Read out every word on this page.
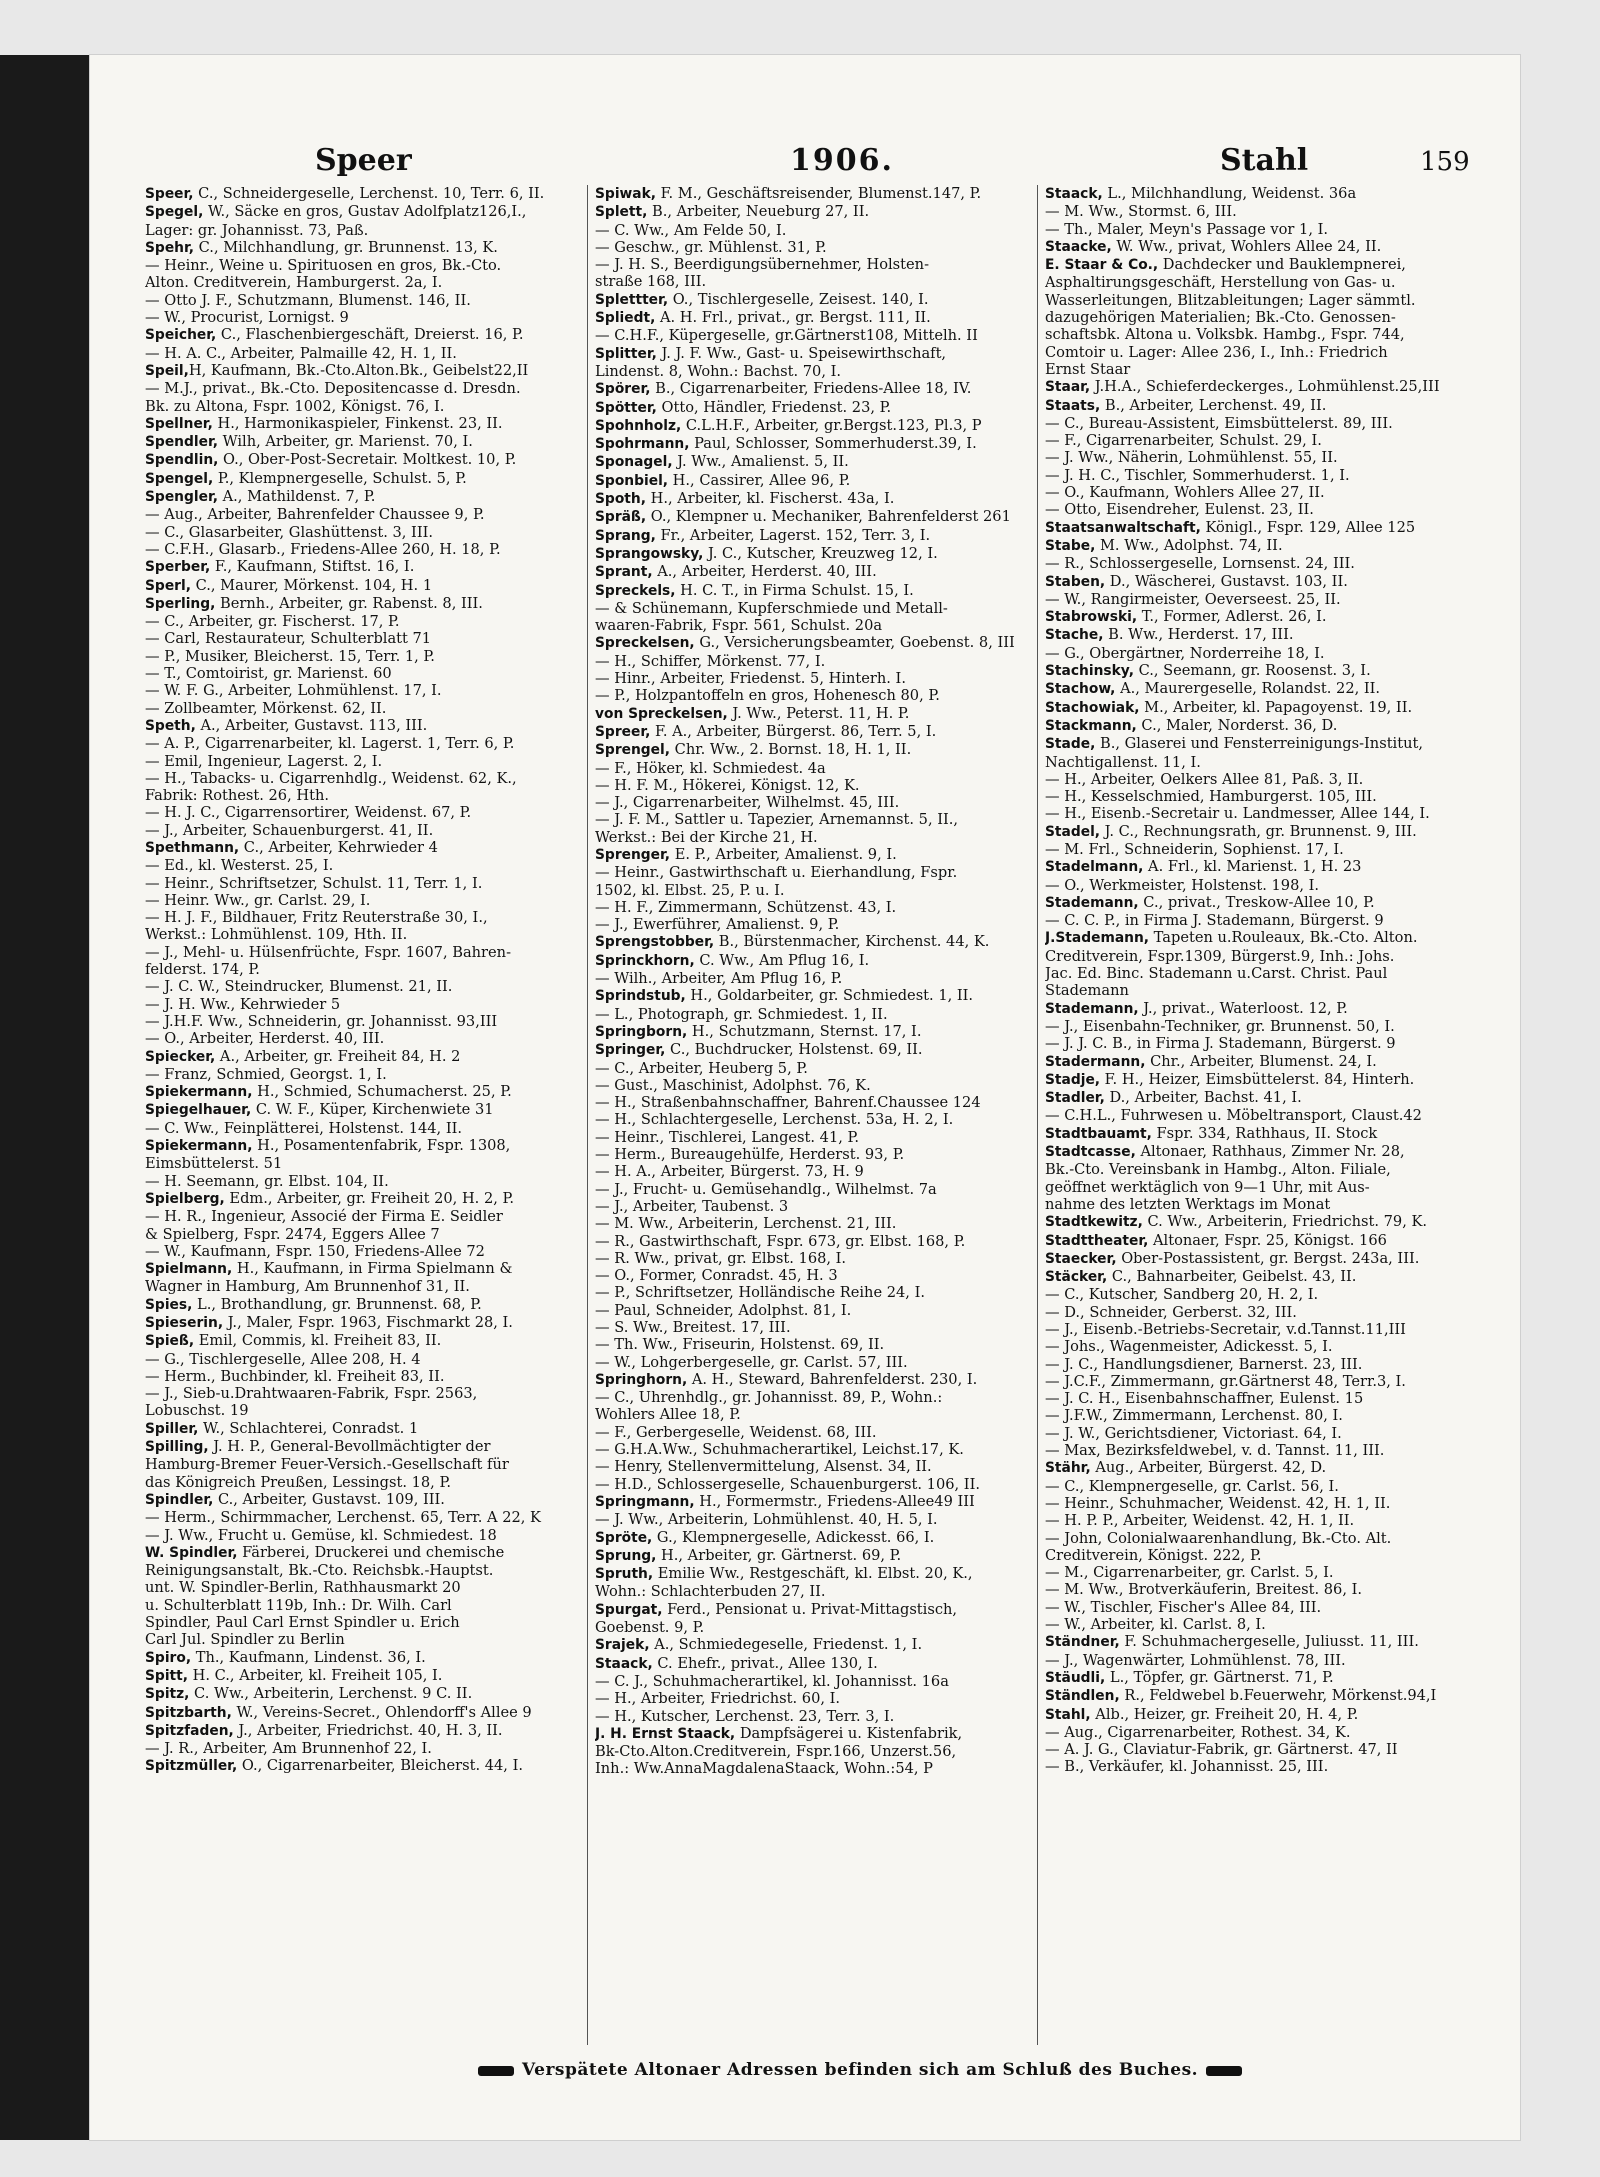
Speer	1906.	Stahl	159
Speer, C., Schneidergeselle, Lerchenst. 10, Terr. 6, II.
Spegel, W., Säcke en gros, Gustav Adolfplatz126,I.,
Lager: gr. Johannisst. 73, Paß.
Spehr, C., Milchhandlung, gr. Brunnenst. 13, K.
— Heinr., Weine u. Spirituosen en gros, Bk.-Cto.
Alton. Creditverein, Hamburgerst. 2a, I.
— Otto J. F., Schutzmann, Blumenst. 146, II.
— W., Procurist, Lornigst. 9
Speicher, C., Flaschenbiergeschäft, Dreierst. 16, P.
— H. A. C., Arbeiter, Palmaille 42, H. 1, II.
Speil,H, Kaufmann, Bk.-Cto.Alton.Bk., Geibelst22,II
— M.J., privat., Bk.-Cto. Depositencasse d. Dresdn.
Bk. zu Altona, Fspr. 1002, Königst. 76, I.
Spellner, H., Harmonikaspieler, Finkenst. 23, II.
Spendler, Wilh, Arbeiter, gr. Marienst. 70, I.
Spendlin, O., Ober-Post-Secretair. Moltkest. 10, P.
Spengel, P., Klempnergeselle, Schulst. 5, P.
Spengler, A., Mathildenst. 7, P.
— Aug., Arbeiter, Bahrenfelder Chaussee 9, P.
— C., Glasarbeiter, Glashüttenst. 3, III.
— C.F.H., Glasarb., Friedens-Allee 260, H. 18, P.
Sperber, F., Kaufmann, Stiftst. 16, I.
Sperl, C., Maurer, Mörkenst. 104, H. 1
Sperling, Bernh., Arbeiter, gr. Rabenst. 8, III.
— C., Arbeiter, gr. Fischerst. 17, P.
— Carl, Restaurateur, Schulterblatt 71
— P., Musiker, Bleicherst. 15, Terr. 1, P.
— T., Comtoirist, gr. Marienst. 60
— W. F. G., Arbeiter, Lohmühlenst. 17, I.
— Zollbeamter, Mörkenst. 62, II.
Speth, A., Arbeiter, Gustavst. 113, III.
— A. P., Cigarrenarbeiter, kl. Lagerst. 1, Terr. 6, P.
— Emil, Ingenieur, Lagerst. 2, I.
— H., Tabacks- u. Cigarrenhdlg., Weidenst. 62, K.,
Fabrik: Rothest. 26, Hth.
— H. J. C., Cigarrensortirer, Weidenst. 67, P.
— J., Arbeiter, Schauenburgerst. 41, II.
Spethmann, C., Arbeiter, Kehrwieder 4
— Ed., kl. Westerst. 25, I.
— Heinr., Schriftsetzer, Schulst. 11, Terr. 1, I.
— Heinr. Ww., gr. Carlst. 29, I.
— H. J. F., Bildhauer, Fritz Reuterstraße 30, I.,
Werkst.: Lohmühlenst. 109, Hth. II.
— J., Mehl- u. Hülsenfrüchte, Fspr. 1607, Bahren-
felderst. 174, P.
— J. C. W., Steindrucker, Blumenst. 21, II.
— J. H. Ww., Kehrwieder 5
— J.H.F. Ww., Schneiderin, gr. Johannisst. 93,III
— O., Arbeiter, Herderst. 40, III.
Spiecker, A., Arbeiter, gr. Freiheit 84, H. 2
— Franz, Schmied, Georgst. 1, I.
Spiekermann, H., Schmied, Schumacherst. 25, P.
Spiegelhauer, C. W. F., Küper, Kirchenwiete 31
— C. Ww., Feinplätterei, Holstenst. 144, II.
Spiekermann, H., Posamentenfabrik, Fspr. 1308,
Eimsbüttelerst. 51
— H. Seemann, gr. Elbst. 104, II.
Spielberg, Edm., Arbeiter, gr. Freiheit 20, H. 2, P.
— H. R., Ingenieur, Associé der Firma E. Seidler
& Spielberg, Fspr. 2474, Eggers Allee 7
— W., Kaufmann, Fspr. 150, Friedens-Allee 72
Spielmann, H., Kaufmann, in Firma Spielmann &
Wagner in Hamburg, Am Brunnenhof 31, II.
Spies, L., Brothandlung, gr. Brunnenst. 68, P.
Spieserin, J., Maler, Fspr. 1963, Fischmarkt 28, I.
Spieß, Emil, Commis, kl. Freiheit 83, II.
— G., Tischlergeselle, Allee 208, H. 4
— Herm., Buchbinder, kl. Freiheit 83, II.
— J., Sieb-u.Drahtwaaren-Fabrik, Fspr. 2563,
Lobuschst. 19
Spiller, W., Schlachterei, Conradst. 1
Spilling, J. H. P., General-Bevollmächtigter der
Hamburg-Bremer Feuer-Versich.-Gesellschaft für
das Königreich Preußen, Lessingst. 18, P.
Spindler, C., Arbeiter, Gustavst. 109, III.
— Herm., Schirmmacher, Lerchenst. 65, Terr. A 22, K
— J. Ww., Frucht u. Gemüse, kl. Schmiedest. 18
W. Spindler, Färberei, Druckerei und chemische
Reinigungsanstalt, Bk.-Cto. Reichsbk.-Hauptst.
unt. W. Spindler-Berlin, Rathhausmarkt 20
u. Schulterblatt 119b, Inh.: Dr. Wilh. Carl
Spindler, Paul Carl Ernst Spindler u. Erich
Carl Jul. Spindler zu Berlin
Spiro, Th., Kaufmann, Lindenst. 36, I.
Spitt, H. C., Arbeiter, kl. Freiheit 105, I.
Spitz, C. Ww., Arbeiterin, Lerchenst. 9 C. II.
Spitzbarth, W., Vereins-Secret., Ohlendorff's Allee 9
Spitzfaden, J., Arbeiter, Friedrichst. 40, H. 3, II.
— J. R., Arbeiter, Am Brunnenhof 22, I.
Spitzmüller, O., Cigarrenarbeiter, Bleicherst. 44, I.
Spiwak, F. M., Geschäftsreisender, Blumenst.147, P.
Splett, B., Arbeiter, Neueburg 27, II.
— C. Ww., Am Felde 50, I.
— Geschw., gr. Mühlenst. 31, P.
— J. H. S., Beerdigungsübernehmer, Holsten-
straße 168, III.
Splettter, O., Tischlergeselle, Zeisest. 140, I.
Spliedt, A. H. Frl., privat., gr. Bergst. 111, II.
— C.H.F., Küpergeselle, gr.Gärtnerst108, Mittelh. II
Splitter, J. J. F. Ww., Gast- u. Speisewirthschaft,
Lindenst. 8, Wohn.: Bachst. 70, I.
Spörer, B., Cigarrenarbeiter, Friedens-Allee 18, IV.
Spötter, Otto, Händler, Friedenst. 23, P.
Spohnholz, C.L.H.F., Arbeiter, gr.Bergst.123, Pl.3, P
Spohrmann, Paul, Schlosser, Sommerhuderst.39, I.
Sponagel, J. Ww., Amalienst. 5, II.
Sponbiel, H., Cassirer, Allee 96, P.
Spoth, H., Arbeiter, kl. Fischerst. 43a, I.
Spräß, O., Klempner u. Mechaniker, Bahrenfelderst 261
Sprang, Fr., Arbeiter, Lagerst. 152, Terr. 3, I.
Sprangowsky, J. C., Kutscher, Kreuzweg 12, I.
Sprant, A., Arbeiter, Herderst. 40, III.
Spreckels, H. C. T., in Firma Schulst. 15, I.
— & Schünemann, Kupferschmiede und Metall-
waaren-Fabrik, Fspr. 561, Schulst. 20a
Spreckelsen, G., Versicherungsbeamter, Goebenst. 8, III
— H., Schiffer, Mörkenst. 77, I.
— Hinr., Arbeiter, Friedenst. 5, Hinterh. I.
— P., Holzpantoffeln en gros, Hohenesch 80, P.
von Spreckelsen, J. Ww., Peterst. 11, H. P.
Spreer, F. A., Arbeiter, Bürgerst. 86, Terr. 5, I.
Sprengel, Chr. Ww., 2. Bornst. 18, H. 1, II.
— F., Höker, kl. Schmiedest. 4a
— H. F. M., Hökerei, Königst. 12, K.
— J., Cigarrenarbeiter, Wilhelmst. 45, III.
— J. F. M., Sattler u. Tapezier, Arnemannst. 5, II.,
Werkst.: Bei der Kirche 21, H.
Sprenger, E. P., Arbeiter, Amalienst. 9, I.
— Heinr., Gastwirthschaft u. Eierhandlung, Fspr.
1502, kl. Elbst. 25, P. u. I.
— H. F., Zimmermann, Schützenst. 43, I.
— J., Ewerführer, Amalienst. 9, P.
Sprengstobber, B., Bürstenmacher, Kirchenst. 44, K.
Sprinckhorn, C. Ww., Am Pflug 16, I.
— Wilh., Arbeiter, Am Pflug 16, P.
Sprindstub, H., Goldarbeiter, gr. Schmiedest. 1, II.
— L., Photograph, gr. Schmiedest. 1, II.
Springborn, H., Schutzmann, Sternst. 17, I.
Springer, C., Buchdrucker, Holstenst. 69, II.
— C., Arbeiter, Heuberg 5, P.
— Gust., Maschinist, Adolphst. 76, K.
— H., Straßenbahnschaffner, Bahrenf.Chaussee 124
— H., Schlachtergeselle, Lerchenst. 53a, H. 2, I.
— Heinr., Tischlerei, Langest. 41, P.
— Herm., Bureaugehülfe, Herderst. 93, P.
— H. A., Arbeiter, Bürgerst. 73, H. 9
— J., Frucht- u. Gemüsehandlg., Wilhelmst. 7a
— J., Arbeiter, Taubenst. 3
— M. Ww., Arbeiterin, Lerchenst. 21, III.
— R., Gastwirthschaft, Fspr. 673, gr. Elbst. 168, P.
— R. Ww., privat, gr. Elbst. 168, I.
— O., Former, Conradst. 45, H. 3
— P., Schriftsetzer, Holländische Reihe 24, I.
— Paul, Schneider, Adolphst. 81, I.
— S. Ww., Breitest. 17, III.
— Th. Ww., Friseurin, Holstenst. 69, II.
— W., Lohgerbergeselle, gr. Carlst. 57, III.
Springhorn, A. H., Steward, Bahrenfelderst. 230, I.
— C., Uhrenhdlg., gr. Johannisst. 89, P., Wohn.:
Wohlers Allee 18, P.
— F., Gerbergeselle, Weidenst. 68, III.
— G.H.A.Ww., Schuhmacherartikel, Leichst.17, K.
— Henry, Stellenvermittelung, Alsenst. 34, II.
— H.D., Schlossergeselle, Schauenburgerst. 106, II.
Springmann, H., Formermstr., Friedens-Allee49 III
— J. Ww., Arbeiterin, Lohmühlenst. 40, H. 5, I.
Spröte, G., Klempnergeselle, Adickesst. 66, I.
Sprung, H., Arbeiter, gr. Gärtnerst. 69, P.
Spruth, Emilie Ww., Restgeschäft, kl. Elbst. 20, K.,
Wohn.: Schlachterbuden 27, II.
Spurgat, Ferd., Pensionat u. Privat-Mittagstisch,
Goebenst. 9, P.
Srajek, A., Schmiedegeselle, Friedenst. 1, I.
Staack, C. Ehefr., privat., Allee 130, I.
— C. J., Schuhmacherartikel, kl. Johannisst. 16a
— H., Arbeiter, Friedrichst. 60, I.
— H., Kutscher, Lerchenst. 23, Terr. 3, I.
J. H. Ernst Staack, Dampfsägerei u. Kistenfabrik,
Bk-Cto.Alton.Creditverein, Fspr.166, Unzerst.56,
Inh.: Ww.AnnaMagdalenaStaack, Wohn.:54, P
Staack, L., Milchhandlung, Weidenst. 36a
— M. Ww., Stormst. 6, III.
— Th., Maler, Meyn's Passage vor 1, I.
Staacke, W. Ww., privat, Wohlers Allee 24, II.
E. Staar & Co., Dachdecker und Bauklempnerei,
Asphaltirungsgeschäft, Herstellung von Gas- u.
Wasserleitungen, Blitzableitungen; Lager sämmtl.
dazugehörigen Materialien; Bk.-Cto. Genossen-
schaftsbk. Altona u. Volksbk. Hambg., Fspr. 744,
Comtoir u. Lager: Allee 236, I., Inh.: Friedrich
Ernst Staar
Staar, J.H.A., Schieferdeckerges., Lohmühlenst.25,III
Staats, B., Arbeiter, Lerchenst. 49, II.
— C., Bureau-Assistent, Eimsbüttelerst. 89, III.
— F., Cigarrenarbeiter, Schulst. 29, I.
— J. Ww., Näherin, Lohmühlenst. 55, II.
— J. H. C., Tischler, Sommerhuderst. 1, I.
— O., Kaufmann, Wohlers Allee 27, II.
— Otto, Eisendreher, Eulenst. 23, II.
Staatsanwaltschaft, Königl., Fspr. 129, Allee 125
Stabe, M. Ww., Adolphst. 74, II.
— R., Schlossergeselle, Lornsenst. 24, III.
Staben, D., Wäscherei, Gustavst. 103, II.
— W., Rangirmeister, Oeverseest. 25, II.
Stabrowski, T., Former, Adlerst. 26, I.
Stache, B. Ww., Herderst. 17, III.
— G., Obergärtner, Norderreihe 18, I.
Stachinsky, C., Seemann, gr. Roosenst. 3, I.
Stachow, A., Maurergeselle, Rolandst. 22, II.
Stachowiak, M., Arbeiter, kl. Papagoyenst. 19, II.
Stackmann, C., Maler, Norderst. 36, D.
Stade, B., Glaserei und Fensterreinigungs-Institut,
Nachtigallenst. 11, I.
— H., Arbeiter, Oelkers Allee 81, Paß. 3, II.
— H., Kesselschmied, Hamburgerst. 105, III.
— H., Eisenb.-Secretair u. Landmesser, Allee 144, I.
Stadel, J. C., Rechnungsrath, gr. Brunnenst. 9, III.
— M. Frl., Schneiderin, Sophienst. 17, I.
Stadelmann, A. Frl., kl. Marienst. 1, H. 23
— O., Werkmeister, Holstenst. 198, I.
Stademann, C., privat., Treskow-Allee 10, P.
— C. C. P., in Firma J. Stademann, Bürgerst. 9
J.Stademann, Tapeten u.Rouleaux, Bk.-Cto. Alton.
Creditverein, Fspr.1309, Bürgerst.9, Inh.: Johs.
Jac. Ed. Binc. Stademann u.Carst. Christ. Paul
Stademann
Stademann, J., privat., Waterloost. 12, P.
— J., Eisenbahn-Techniker, gr. Brunnenst. 50, I.
— J. J. C. B., in Firma J. Stademann, Bürgerst. 9
Stadermann, Chr., Arbeiter, Blumenst. 24, I.
Stadje, F. H., Heizer, Eimsbüttelerst. 84, Hinterh.
Stadler, D., Arbeiter, Bachst. 41, I.
— C.H.L., Fuhrwesen u. Möbeltransport, Claust.42
Stadtbauamt, Fspr. 334, Rathhaus, II. Stock
Stadtcasse, Altonaer, Rathhaus, Zimmer Nr. 28,
Bk.-Cto. Vereinsbank in Hambg., Alton. Filiale,
geöffnet werktäglich von 9—1 Uhr, mit Aus-
nahme des letzten Werktags im Monat
Stadtkewitz, C. Ww., Arbeiterin, Friedrichst. 79, K.
Stadttheater, Altonaer, Fspr. 25, Königst. 166
Staecker, Ober-Postassistent, gr. Bergst. 243a, III.
Stäcker, C., Bahnarbeiter, Geibelst. 43, II.
— C., Kutscher, Sandberg 20, H. 2, I.
— D., Schneider, Gerberst. 32, III.
— J., Eisenb.-Betriebs-Secretair, v.d.Tannst.11,III
— Johs., Wagenmeister, Adickesst. 5, I.
— J. C., Handlungsdiener, Barnerst. 23, III.
— J.C.F., Zimmermann, gr.Gärtnerst 48, Terr.3, I.
— J. C. H., Eisenbahnschaffner, Eulenst. 15
— J.F.W., Zimmermann, Lerchenst. 80, I.
— J. W., Gerichtsdiener, Victoriast. 64, I.
— Max, Bezirksfeldwebel, v. d. Tannst. 11, III.
Stähr, Aug., Arbeiter, Bürgerst. 42, D.
— C., Klempnergeselle, gr. Carlst. 56, I.
— Heinr., Schuhmacher, Weidenst. 42, H. 1, II.
— H. P. P., Arbeiter, Weidenst. 42, H. 1, II.
— John, Colonialwaarenhandlung, Bk.-Cto. Alt.
Creditverein, Königst. 222, P.
— M., Cigarrenarbeiter, gr. Carlst. 5, I.
— M. Ww., Brotverkäuferin, Breitest. 86, I.
— W., Tischler, Fischer's Allee 84, III.
— W., Arbeiter, kl. Carlst. 8, I.
Ständner, F. Schuhmachergeselle, Juliusst. 11, III.
— J., Wagenwärter, Lohmühlenst. 78, III.
Stäudli, L., Töpfer, gr. Gärtnerst. 71, P.
Ständlen, R., Feldwebel b.Feuerwehr, Mörkenst.94,I
Stahl, Alb., Heizer, gr. Freiheit 20, H. 4, P.
— Aug., Cigarrenarbeiter, Rothest. 34, K.
— A. J. G., Claviatur-Fabrik, gr. Gärtnerst. 47, II
— B., Verkäufer, kl. Johannisst. 25, III.
Verspätete Altonaer Adressen befinden sich am Schluß des Buches.
